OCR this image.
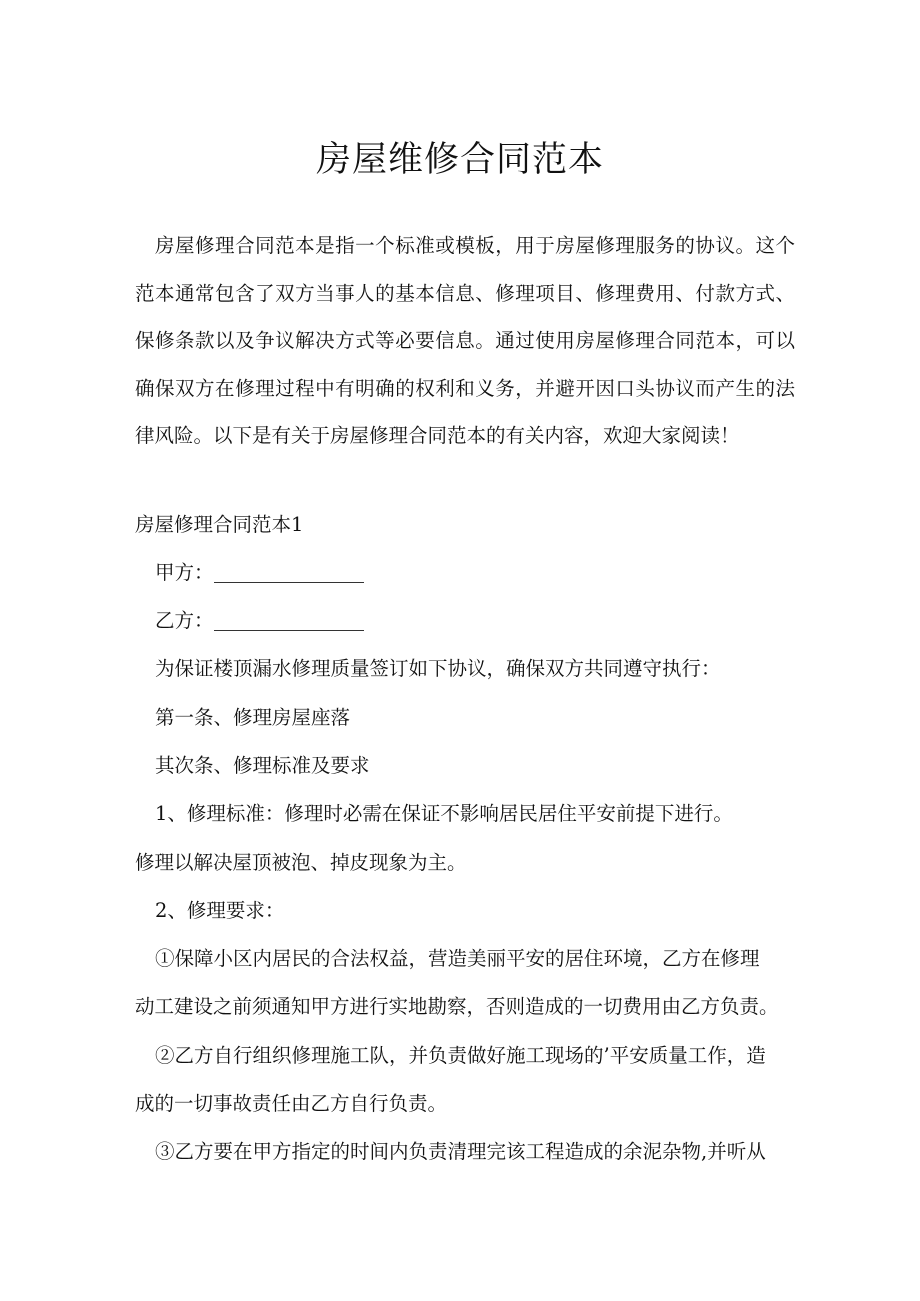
房屋维修合同范本

房屋修理合同范本是指一个标准或模板，用于房屋修理服务的协议。这个范本通常包含了双方当事人的基本信息、修理项目、修理费用、付款方式、保修条款以及争议解决方式等必要信息。通过使用房屋修理合同范本，可以确保双方在修理过程中有明确的权利和义务，并避开因口头协议而产生的法律风险。以下是有关于房屋修理合同范本的有关内容，欢迎大家阅读！

房屋修理合同范本1

甲方：

乙方：

为保证楼顶漏水修理质量签订如下协议，确保双方共同遵守执行：

第一条、修理房屋座落

其次条、修理标准及要求

1、修理标准：修理时必需在保证不影响居民居住平安前提下进行。

修理以解决屋顶被泡、掉皮现象为主。

2、修理要求：

①保障小区内居民的合法权益，营造美丽平安的居住环境，乙方在修理

动工建设之前须通知甲方进行实地勘察，否则造成的一切费用由乙方负责。

②乙方自行组织修理施工队，并负责做好施工现场的’平安质量工作，造

成的一切事故责任由乙方自行负责。

③乙方要在甲方指定的时间内负责清理完该工程造成的余泥杂物,并听从
